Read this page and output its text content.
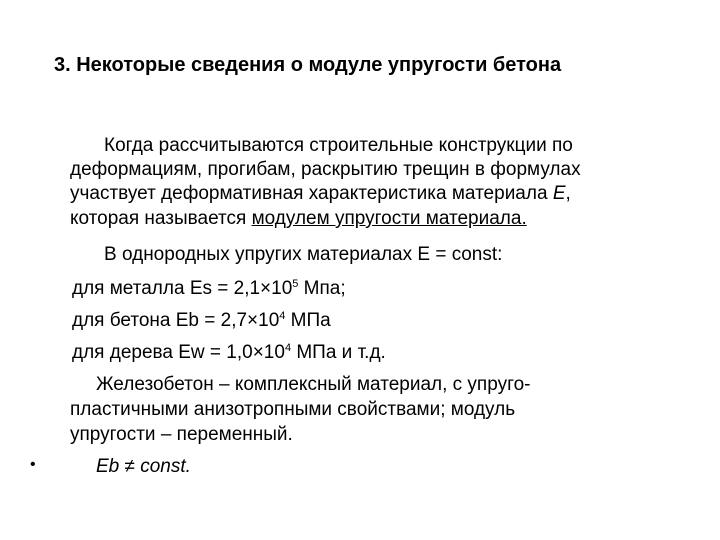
3. Некоторые сведения о модуле упругости бетона
Когда рассчитываются строительные конструкции по
деформациям, прогибам, раскрытию трещин в формулах
участвует деформативная характеристика материала Е,
которая называется модулем упругости материала.
В однородных упругих материалах Е = const:
для металла $Es = 2,1\times 10^5$ Мпа;
для бетона $Eb = 2,7\times 10^4$ МПа
для дерева $Ew = 1,0\times 10^4$ МПа и т.д.
Железобетон – комплексный материал, с упруго-
пластичными анизотропными свойствами; модуль
упругости – переменный.
•	Eb ≠ const.
